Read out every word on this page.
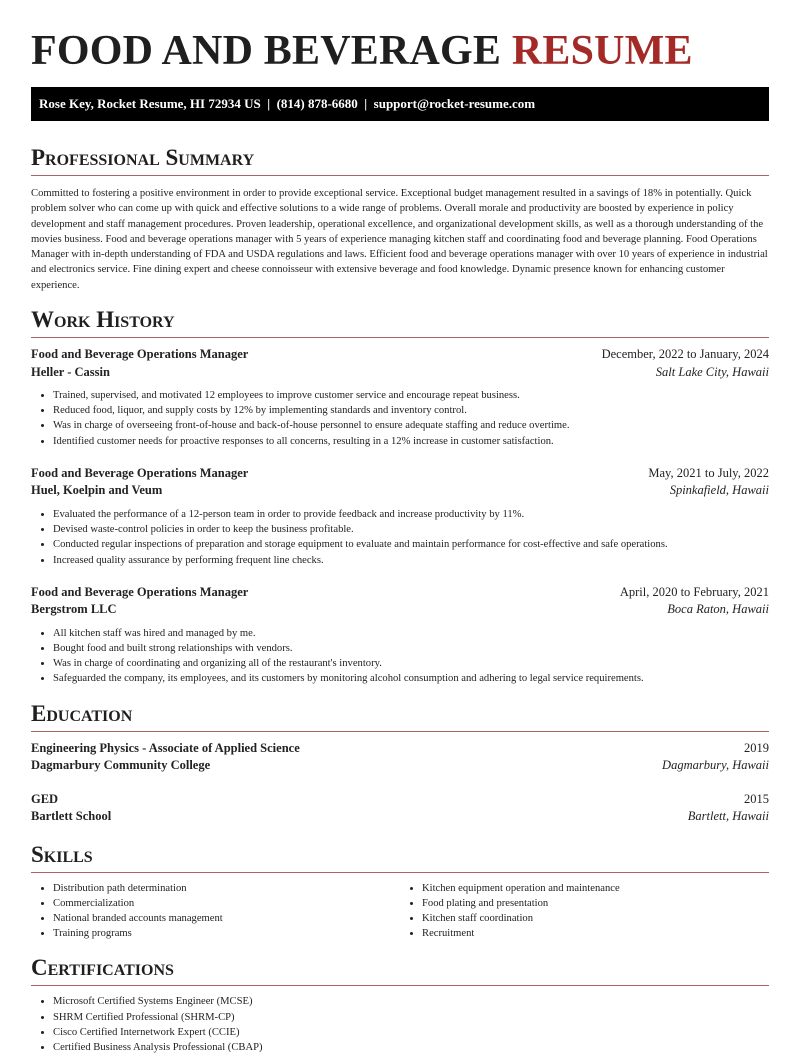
FOOD AND BEVERAGE RESUME
Rose Key, Rocket Resume, HI 72934 US  |  (814) 878-6680  |  support@rocket-resume.com
Professional Summary

Committed to fostering a positive environment in order to provide exceptional service. Exceptional budget management resulted in a savings of 18% in potentially. Quick problem solver who can come up with quick and effective solutions to a wide range of problems. Overall morale and productivity are boosted by experience in policy development and staff management procedures. Proven leadership, operational excellence, and organizational development skills, as well as a thorough understanding of the movies business. Food and beverage operations manager with 5 years of experience managing kitchen staff and coordinating food and beverage planning. Food Operations Manager with in-depth understanding of FDA and USDA regulations and laws. Efficient food and beverage operations manager with over 10 years of experience in industrial and electronics service. Fine dining expert and cheese connoisseur with extensive beverage and food knowledge. Dynamic presence known for enhancing customer experience.

Work History
Food and Beverage Operations Manager	December, 2022 to January, 2024
Heller - Cassin	Salt Lake City, Hawaii
• Trained, supervised, and motivated 12 employees to improve customer service and encourage repeat business.
• Reduced food, liquor, and supply costs by 12% by implementing standards and inventory control.
• Was in charge of overseeing front-of-house and back-of-house personnel to ensure adequate staffing and reduce overtime.
• Identified customer needs for proactive responses to all concerns, resulting in a 12% increase in customer satisfaction.
Food and Beverage Operations Manager	May, 2021 to July, 2022
Huel, Koelpin and Veum	Spinkafield, Hawaii
• Evaluated the performance of a 12-person team in order to provide feedback and increase productivity by 11%.
• Devised waste-control policies in order to keep the business profitable.
• Conducted regular inspections of preparation and storage equipment to evaluate and maintain performance for cost-effective and safe operations.
• Increased quality assurance by performing frequent line checks.
Food and Beverage Operations Manager	April, 2020 to February, 2021
Bergstrom LLC	Boca Raton, Hawaii
• All kitchen staff was hired and managed by me.
• Bought food and built strong relationships with vendors.
• Was in charge of coordinating and organizing all of the restaurant's inventory.
• Safeguarded the company, its employees, and its customers by monitoring alcohol consumption and adhering to legal service requirements.
Education
Engineering Physics - Associate of Applied Science	2019
Dagmarbury Community College	Dagmarbury, Hawaii
GED	2015
Bartlett School	Bartlett, Hawaii
Skills
• Distribution path determination
• Commercialization
• National branded accounts management
• Training programs
• Kitchen equipment operation and maintenance
• Food plating and presentation
• Kitchen staff coordination
• Recruitment
Certifications
• Microsoft Certified Systems Engineer (MCSE)
• SHRM Certified Professional (SHRM-CP)
• Cisco Certified Internetwork Expert (CCIE)
• Certified Business Analysis Professional (CBAP)
